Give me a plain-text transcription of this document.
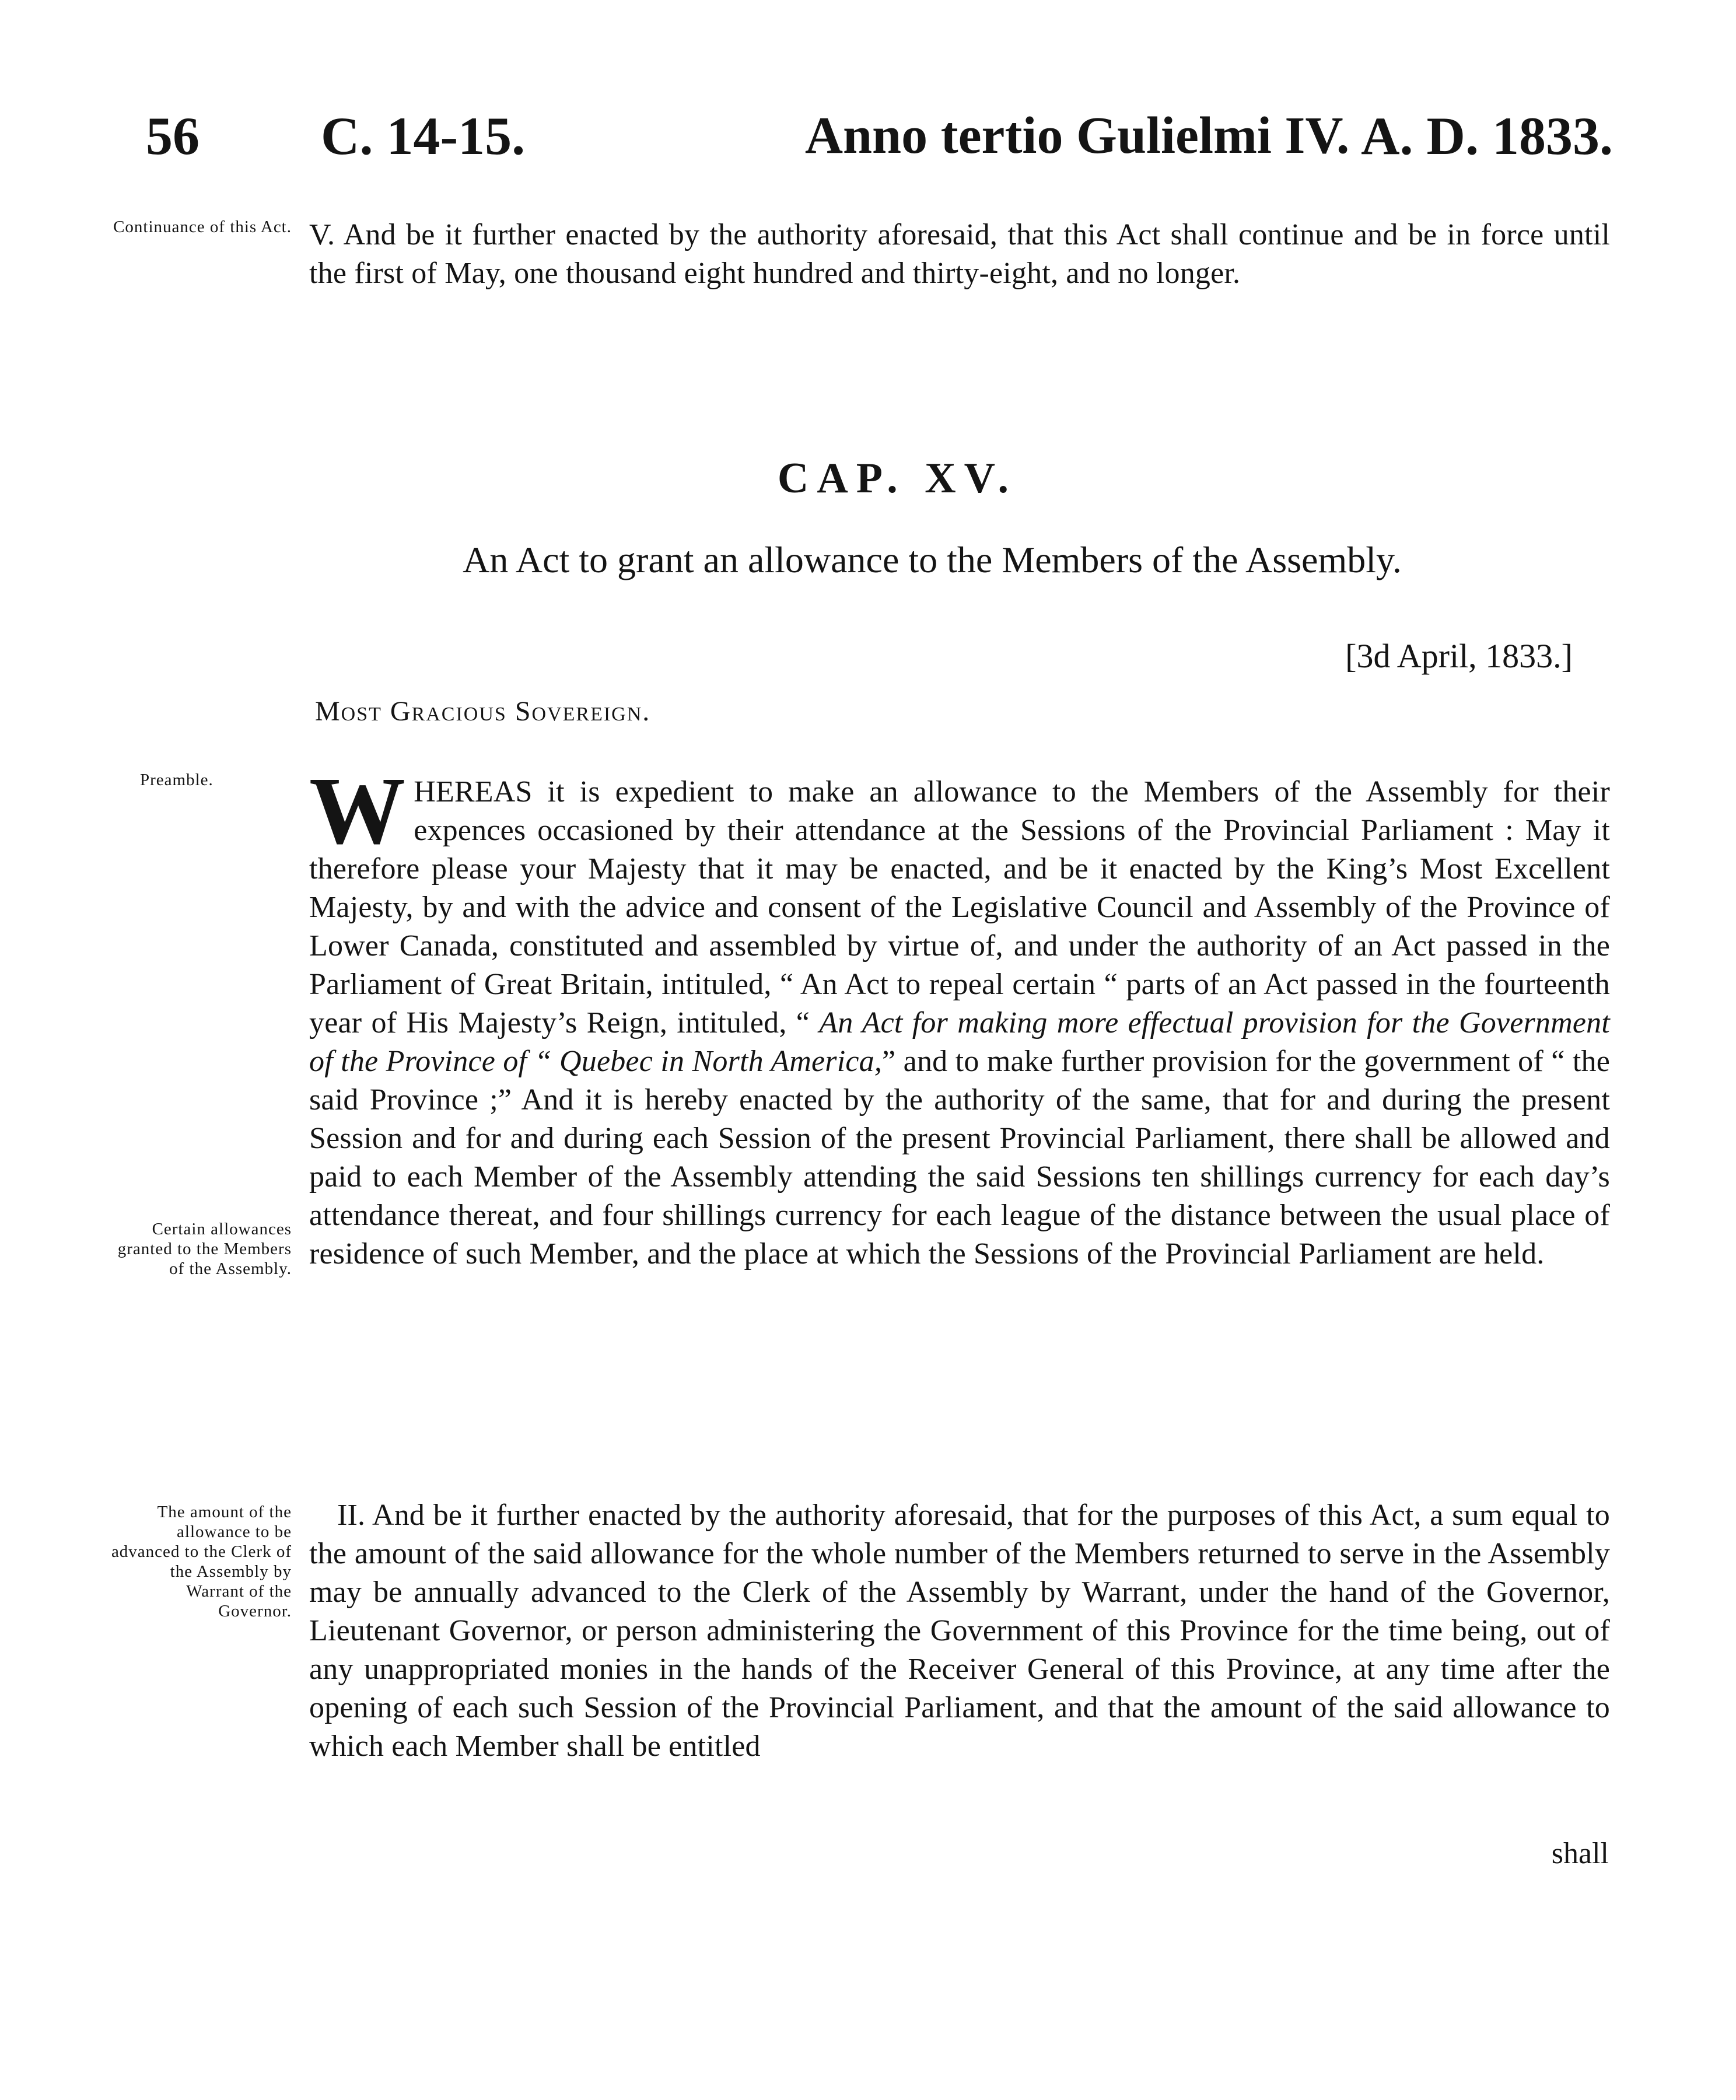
56 C. 14-15.	Anno tertio Gulielmi IV. A. D. 1833.
Continuance of this Act. V. And be it further enacted by the authority aforesaid, that this Act shall continue and be in force until the first of May, one thousand eight hundred and thirty-eight, and no longer.
CAP. XV.
An Act to grant an allowance to the Members of the Assembly.
[3d April, 1833.]
Most Gracious Sovereign.
Preamble. WHEREAS it is expedient to make an allowance to the Members of the Assembly for their expences occasioned by their attendance at the Sessions of the Provincial Parliament : May it therefore please your Majesty that it may be enacted, and be it enacted by the King’s Most Excellent Majesty, by and with the advice and consent of the Legislative Council and Assembly of the Province of Lower Canada, constituted and assembled by virtue of, and under the authority of an Act passed in the Parliament of Great Britain, intituled, “ An Act to repeal certain “ parts of an Act passed in the fourteenth year of His Majesty’s Reign, intituled, “ An Act for making more effectual provision for the Government of the Province of “ Quebec in North America,” and to make further provision for the government of “ the said Province ;” And it is hereby enacted by the authority of the same, that for and during the present Session and for and during each Session of the present Provincial Parliament, there shall be allowed and paid to each Member of the Assembly attending the said Sessions ten shillings currency for each day’s attendance thereat, and four shillings currency for each league of the distance between the usual place of residence of such Member, and the place at which the Sessions of the Provincial Parliament are held.
Certain allowances granted to the Members of the Assembly.
The amount of the allowance to be advanced to the Clerk of the Assembly by Warrant of the Governor.
II. And be it further enacted by the authority aforesaid, that for the purposes of this Act, a sum equal to the amount of the said allowance for the whole number of the Members returned to serve in the Assembly may be annually advanced to the Clerk of the Assembly by Warrant, under the hand of the Governor, Lieutenant Governor, or person administering the Government of this Province for the time being, out of any unappropriated monies in the hands of the Receiver General of this Province, at any time after the opening of each such Session of the Provincial Parliament, and that the amount of the said allowance to which each Member shall be entitled
shall
